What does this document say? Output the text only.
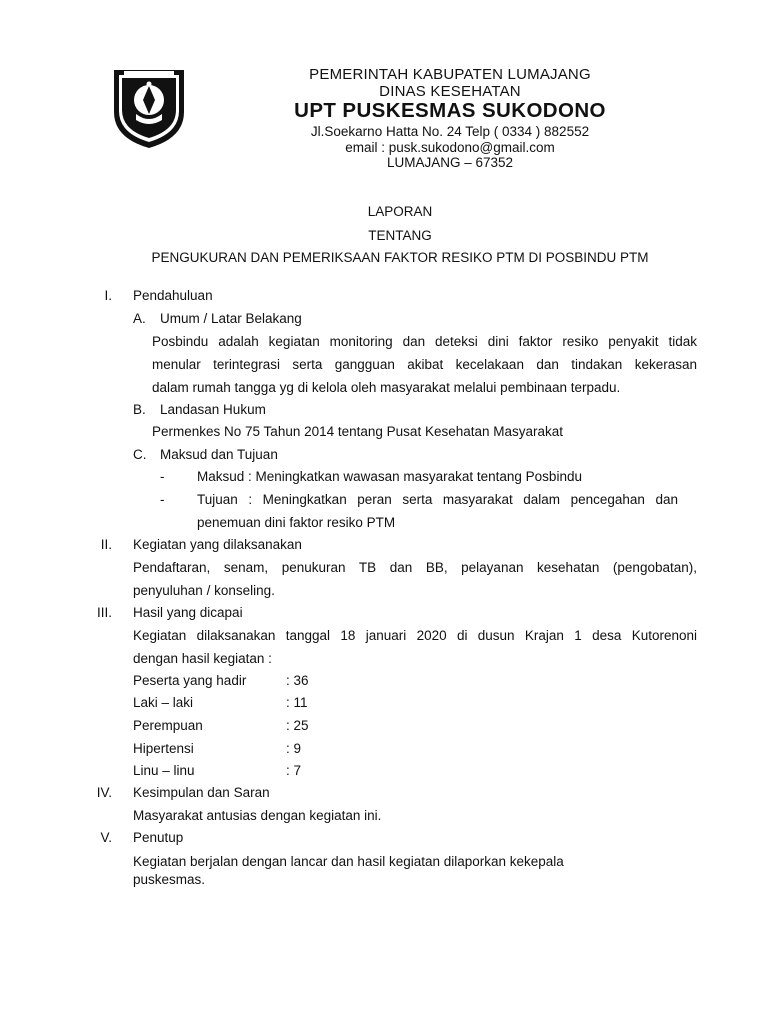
PEMERINTAH KABUPATEN LUMAJANG
DINAS KESEHATAN
UPT PUSKESMAS SUKODONO
Jl.Soekarno Hatta No. 24 Telp ( 0334 ) 882552
email : pusk.sukodono@gmail.com
LUMAJANG – 67352
LAPORAN
TENTANG
PENGUKURAN DAN PEMERIKSAAN FAKTOR RESIKO PTM DI POSBINDU PTM
I. Pendahuluan
A. Umum / Latar Belakang
Posbindu adalah kegiatan monitoring dan deteksi dini faktor resiko penyakit tidak
menular terintegrasi serta gangguan akibat kecelakaan dan tindakan kekerasan
dalam rumah tangga yg di kelola oleh masyarakat melalui pembinaan terpadu.
B. Landasan Hukum
Permenkes No 75 Tahun 2014 tentang Pusat Kesehatan Masyarakat
C. Maksud dan Tujuan
- Maksud : Meningkatkan wawasan masyarakat tentang Posbindu
- Tujuan : Meningkatkan peran serta masyarakat dalam pencegahan dan
penemuan dini faktor resiko PTM
II. Kegiatan yang dilaksanakan
Pendaftaran, senam, penukuran TB dan BB, pelayanan kesehatan (pengobatan),
penyuluhan / konseling.
III. Hasil yang dicapai
Kegiatan dilaksanakan tanggal 18 januari 2020 di dusun Krajan 1 desa Kutorenoni
dengan hasil kegiatan :
Peserta yang hadir	: 36
Laki – laki	: 11
Perempuan	: 25
Hipertensi	: 9
Linu – linu	: 7
IV. Kesimpulan dan Saran
Masyarakat antusias dengan kegiatan ini.
V. Penutup
Kegiatan berjalan dengan lancar dan hasil kegiatan dilaporkan kekepala
puskesmas.
